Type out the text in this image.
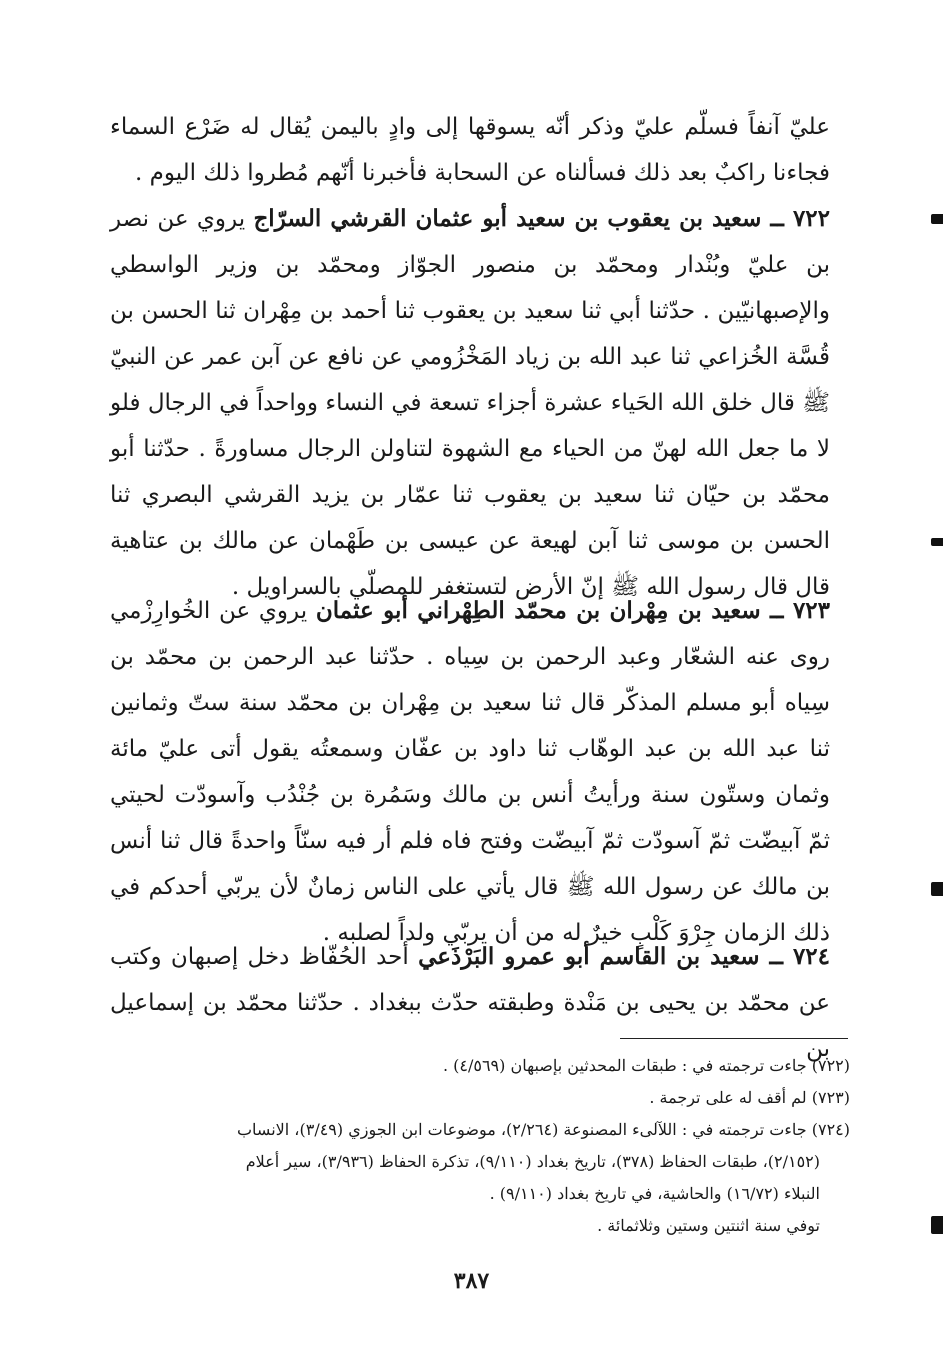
عليّ آنفاً فسلّم عليّ وذكر أنّه يسوقها إلى وادٍ باليمن يُقال له ضَرْع السماء فجاءنا راكبٌ بعد ذلك فسألناه عن السحابة فأخبرنا أنّهم مُطروا ذلك اليوم .

٧٢٢ ــ سعيد بن يعقوب بن سعيد أبو عثمان القرشي السرّاج يروي عن نصر بن عليّ وبُنْدار ومحمّد بن منصور الجوّاز ومحمّد بن وزير الواسطي والإصبهانيّين . حدّثنا أبي ثنا سعيد بن يعقوب ثنا أحمد بن مِهْران ثنا الحسن بن قُسَّة الخُزاعي ثنا عبد الله بن زياد المَخْزُومي عن نافع عن آبن عمر عن النبيّ ﷺ قال خلق الله الحَياء عشرة أجزاء تسعة في النساء وواحداً في الرجال فلو لا ما جعل الله لهنّ من الحياء مع الشهوة لتناولن الرجال مساورةً . حدّثنا أبو محمّد بن حيّان ثنا سعيد بن يعقوب ثنا عمّار بن يزيد القرشي البصري ثنا الحسن بن موسى ثنا آبن لهيعة عن عيسى بن طَهْمان عن مالك بن عتاهية قال قال رسول الله ﷺ إنّ الأرض لتستغفر للمصلّي بالسراويل .

٧٢٣ ــ سعيد بن مِهْران بن محمّد الطِهْراني أبو عثمان يروي عن الخُوارِزْمي روى عنه الشعّار وعبد الرحمن بن سِياه . حدّثنا عبد الرحمن بن محمّد بن سِياه أبو مسلم المذكّر قال ثنا سعيد بن مِهْران بن محمّد سنة ستّ وثمانين ثنا عبد الله بن عبد الوهّاب ثنا داود بن عفّان وسمعتُه يقول أتى عليّ مائة وثمان وستّون سنة ورأيتُ أنس بن مالك وسَمُرة بن جُنْدُب وآسودّت لحيتي ثمّ آبيضّت ثمّ آسودّت ثمّ آبيضّت وفتح فاه فلم أر فيه سنّاً واحدةً قال ثنا أنس بن مالك عن رسول الله ﷺ قال يأتي على الناس زمانٌ لأن يربّي أحدكم في ذلك الزمان جِرْوَ كَلْبٍ خيرٌ له من أن يربّي ولداً لصلبه .

٧٢٤ ــ سعيد بن القاسم أبو عمرو البَرْذَعي أحد الحُفّاظ دخل إصبهان وكتب عن محمّد بن يحيى بن مَنْدة وطبقته حدّث ببغداد . حدّثنا محمّد بن إسماعيل بن

(٧٢٢) جاءت ترجمته في : طبقات المحدثين بإصبهان (٤/٥٦٩) .
(٧٢٣) لم أقف له على ترجمة .
(٧٢٤) جاءت ترجمته في : اللآلىء المصنوعة (٢/٢٦٤)، موضوعات ابن الجوزي (٣/٤٩)، الانساب
(٢/١٥٢)، طبقات الحفاظ (٣٧٨)، تاريخ بغداد (٩/١١٠)، تذكرة الحفاظ (٣/٩٣٦)، سير أعلام
النبلاء (١٦/٧٢) والحاشية، في تاريخ بغداد (٩/١١٠) .
توفي سنة اثنتين وستين وثلاثمائة .
٣٨٧
